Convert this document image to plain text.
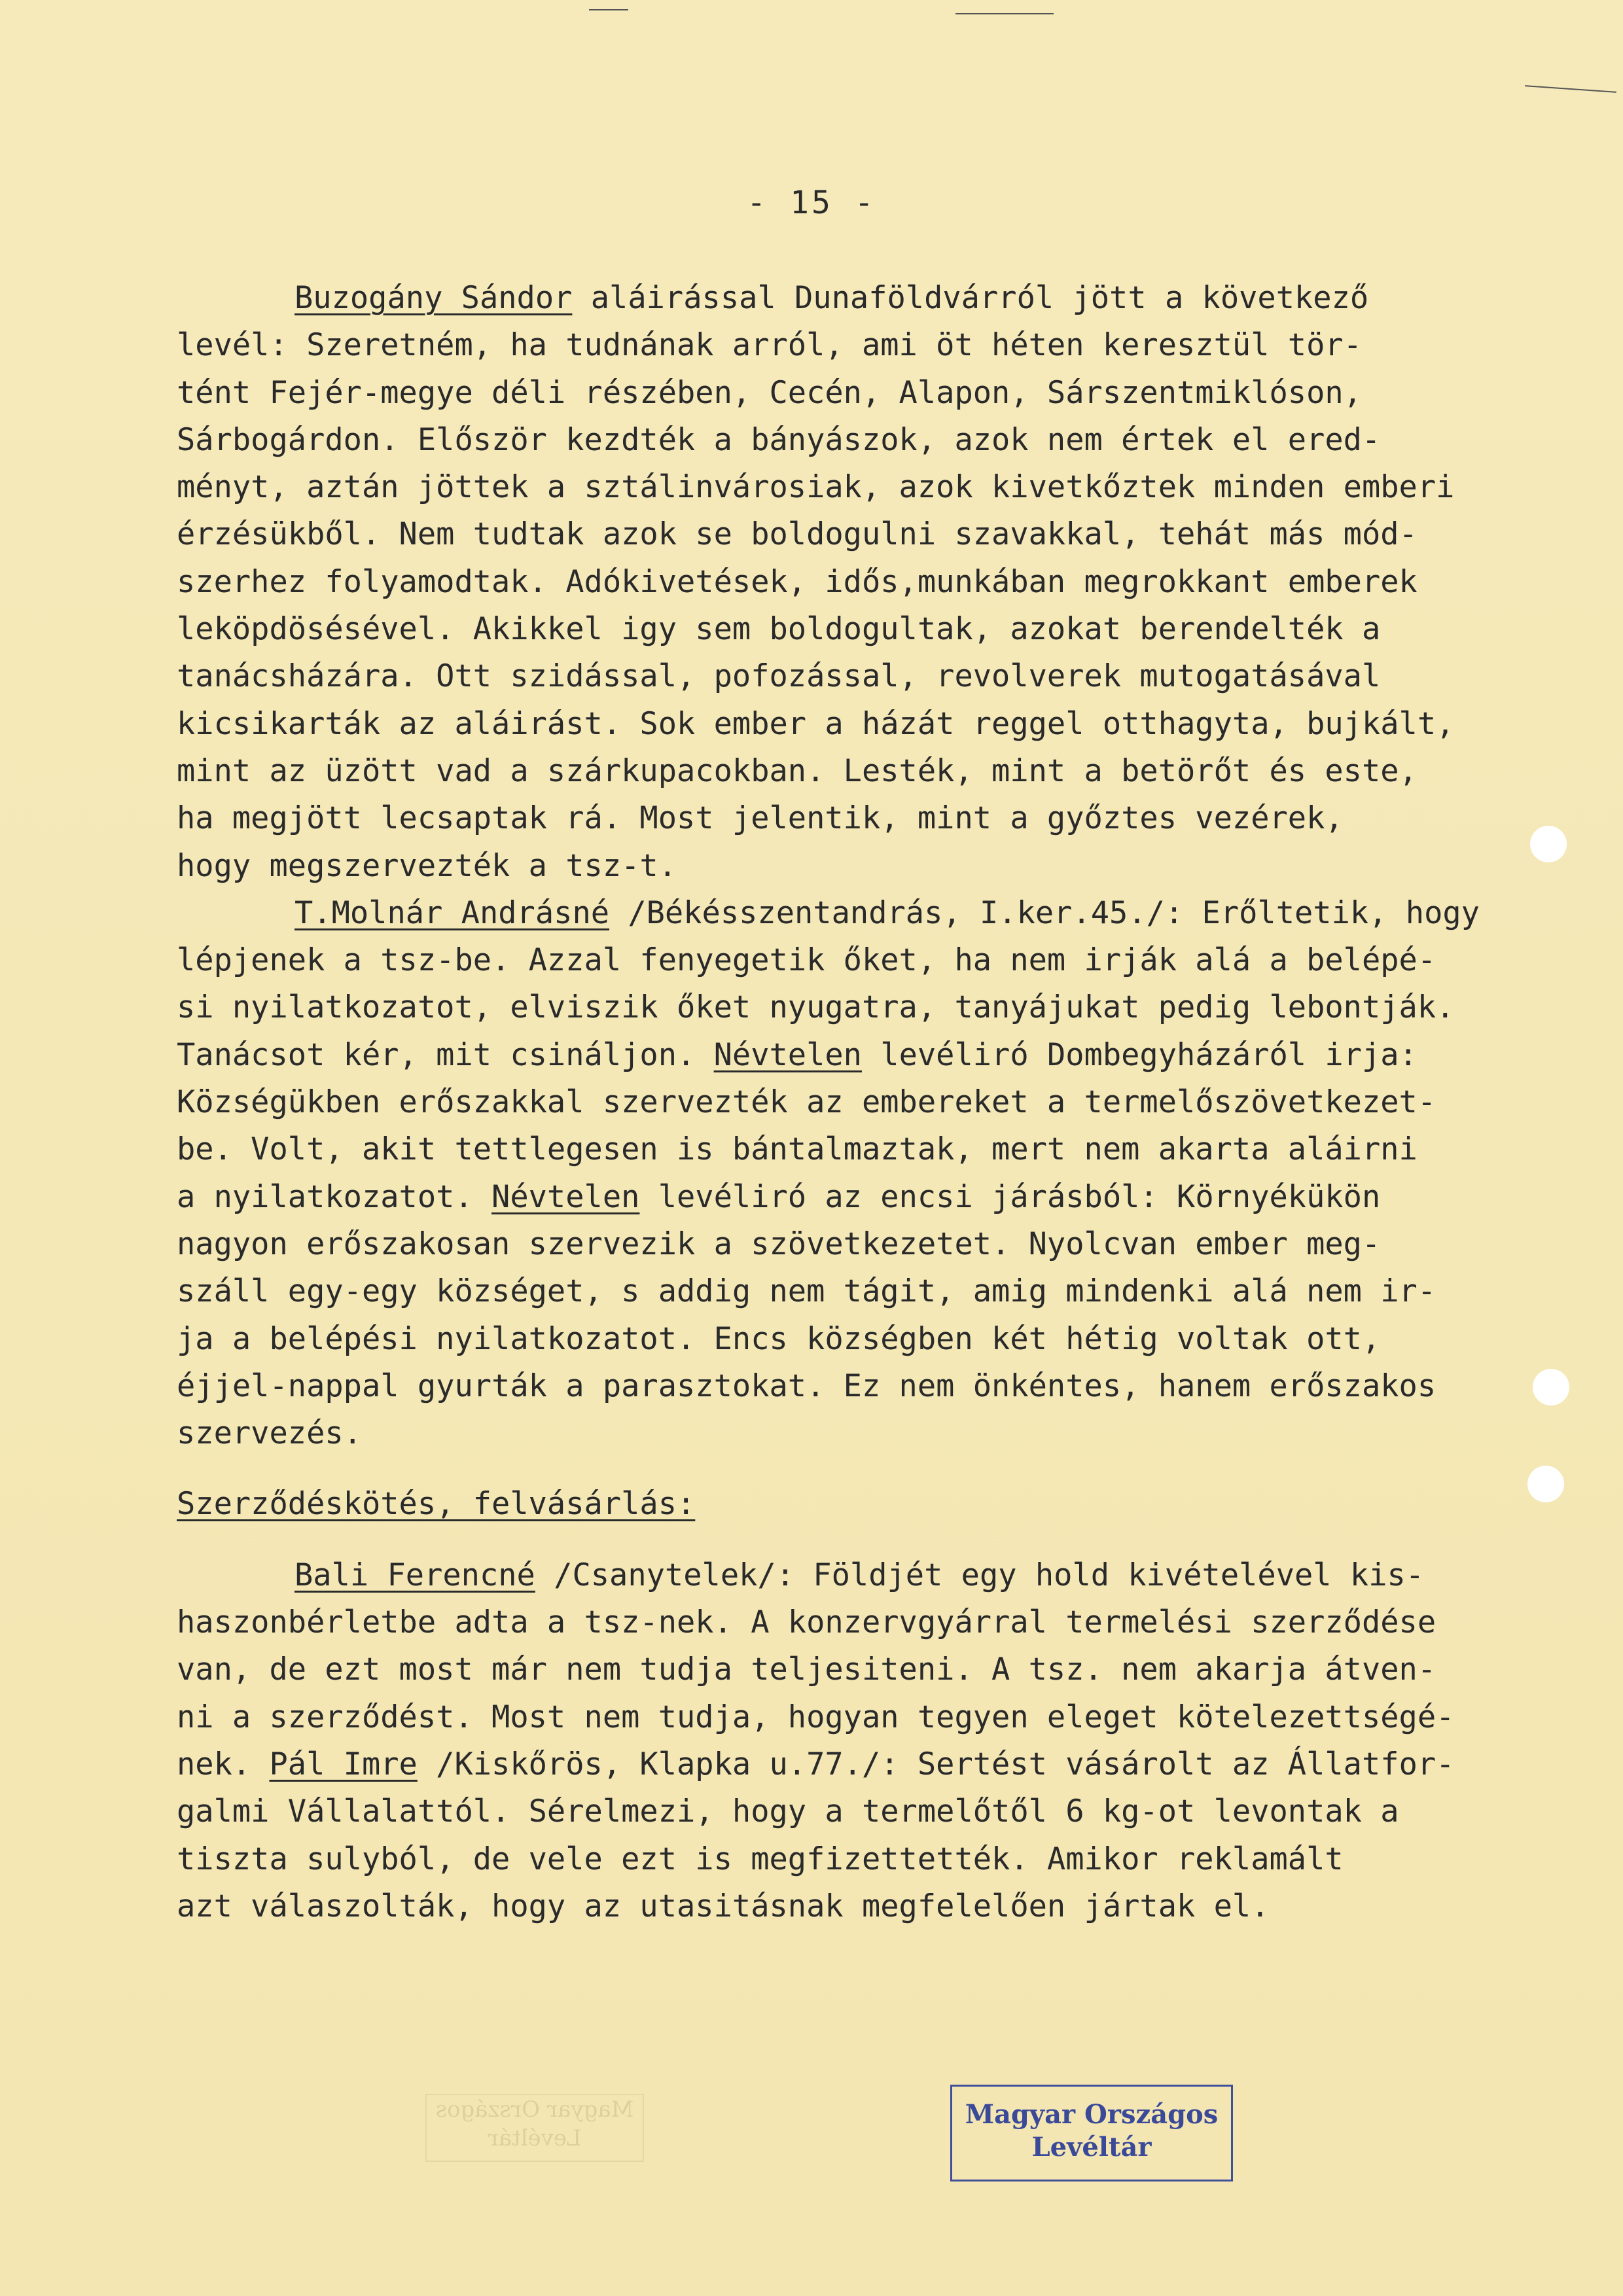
- 15 -
Buzogány Sándor aláirással Dunaföldvárról jött a következő
levél: Szeretném, ha tudnának arról, ami öt héten keresztül tör-
tént Fejér-megye déli részében, Cecén, Alapon, Sárszentmiklóson,
Sárbogárdon. Először kezdték a bányászok, azok nem értek el ered-
ményt, aztán jöttek a sztálinvárosiak, azok kivetkőztek minden emberi
érzésükből. Nem tudtak azok se boldogulni szavakkal, tehát más mód-
szerhez folyamodtak. Adókivetések, idős,munkában megrokkant emberek
leköpdösésével. Akikkel igy sem boldogultak, azokat berendelték a
tanácsházára. Ott szidással, pofozással, revolverek mutogatásával
kicsikarták az aláirást. Sok ember a házát reggel otthagyta, bujkált,
mint az üzött vad a szárkupacokban. Lesték, mint a betörőt és este,
ha megjött lecsaptak rá. Most jelentik, mint a győztes vezérek,
hogy megszervezték a tsz-t.
T.Molnár Andrásné /Békésszentandrás, I.ker.45./: Erőltetik, hogy
lépjenek a tsz-be. Azzal fenyegetik őket, ha nem irják alá a belépé-
si nyilatkozatot, elviszik őket nyugatra, tanyájukat pedig lebontják.
Tanácsot kér, mit csináljon. Névtelen levéliró Dombegyházáról irja:
Községükben erőszakkal szervezték az embereket a termelőszövetkezet-
be. Volt, akit tettlegesen is bántalmaztak, mert nem akarta aláirni
a nyilatkozatot. Névtelen levéliró az encsi járásból: Környékükön
nagyon erőszakosan szervezik a szövetkezetet. Nyolcvan ember meg-
száll egy-egy községet, s addig nem tágit, amig mindenki alá nem ir-
ja a belépési nyilatkozatot. Encs községben két hétig voltak ott,
éjjel-nappal gyurták a parasztokat. Ez nem önkéntes, hanem erőszakos
szervezés.
Szerződéskötés, felvásárlás:
Bali Ferencné /Csanytelek/: Földjét egy hold kivételével kis-
haszonbérletbe adta a tsz-nek. A konzervgyárral termelési szerződése
van, de ezt most már nem tudja teljesiteni. A tsz. nem akarja átven-
ni a szerződést. Most nem tudja, hogyan tegyen eleget kötelezettségé-
nek. Pál Imre /Kiskőrös, Klapka u.77./: Sertést vásárolt az Állatfor-
galmi Vállalattól. Sérelmezi, hogy a termelőtől 6 kg-ot levontak a
tiszta sulyból, de vele ezt is megfizettették. Amikor reklamált
azt válaszolták, hogy az utasitásnak megfelelően jártak el.
Magyar Országos
Levéltár
Magyar Országos
Levéltár
